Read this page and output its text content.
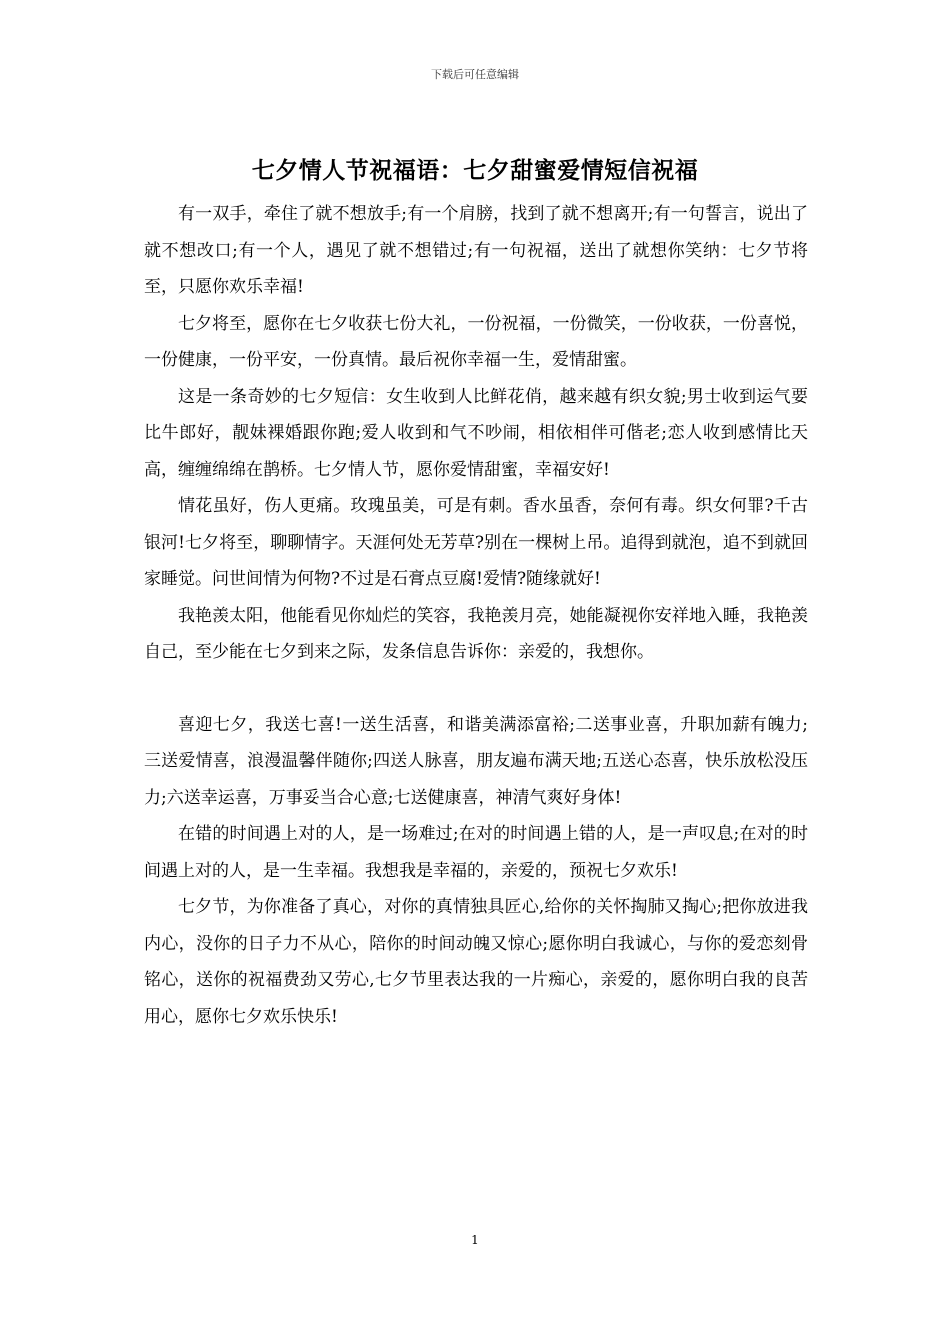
下载后可任意编辑
七夕情人节祝福语：七夕甜蜜爱情短信祝福

有一双手，牵住了就不想放手;有一个肩膀，找到了就不想离开;有一句誓言，说出了就不想改口;有一个人，遇见了就不想错过;有一句祝福，送出了就想你笑纳：七夕节将至，只愿你欢乐幸福!

七夕将至，愿你在七夕收获七份大礼，一份祝福，一份微笑，一份收获，一份喜悦，一份健康，一份平安，一份真情。最后祝你幸福一生，爱情甜蜜。

这是一条奇妙的七夕短信：女生收到人比鲜花俏，越来越有织女貌;男士收到运气要比牛郎好，靓妹裸婚跟你跑;爱人收到和气不吵闹，相依相伴可偕老;恋人收到感情比天高，缠缠绵绵在鹊桥。七夕情人节，愿你爱情甜蜜，幸福安好!

情花虽好，伤人更痛。玫瑰虽美，可是有刺。香水虽香，奈何有毒。织女何罪?千古银河!七夕将至，聊聊情字。天涯何处无芳草?别在一棵树上吊。追得到就泡，追不到就回家睡觉。问世间情为何物?不过是石膏点豆腐!爱情?随缘就好!

我艳羡太阳，他能看见你灿烂的笑容，我艳羡月亮，她能凝视你安祥地入睡，我艳羡自己，至少能在七夕到来之际，发条信息告诉你：亲爱的，我想你。

喜迎七夕，我送七喜!一送生活喜，和谐美满添富裕;二送事业喜，升职加薪有魄力;三送爱情喜，浪漫温馨伴随你;四送人脉喜，朋友遍布满天地;五送心态喜，快乐放松没压力;六送幸运喜，万事妥当合心意;七送健康喜，神清气爽好身体!

在错的时间遇上对的人，是一场难过;在对的时间遇上错的人，是一声叹息;在对的时间遇上对的人，是一生幸福。我想我是幸福的，亲爱的，预祝七夕欢乐!

七夕节，为你准备了真心，对你的真情独具匠心,给你的关怀掏肺又掏心;把你放进我内心，没你的日子力不从心，陪你的时间动魄又惊心;愿你明白我诚心，与你的爱恋刻骨铭心，送你的祝福费劲又劳心,七夕节里表达我的一片痴心，亲爱的，愿你明白我的良苦用心，愿你七夕欢乐快乐!

1
